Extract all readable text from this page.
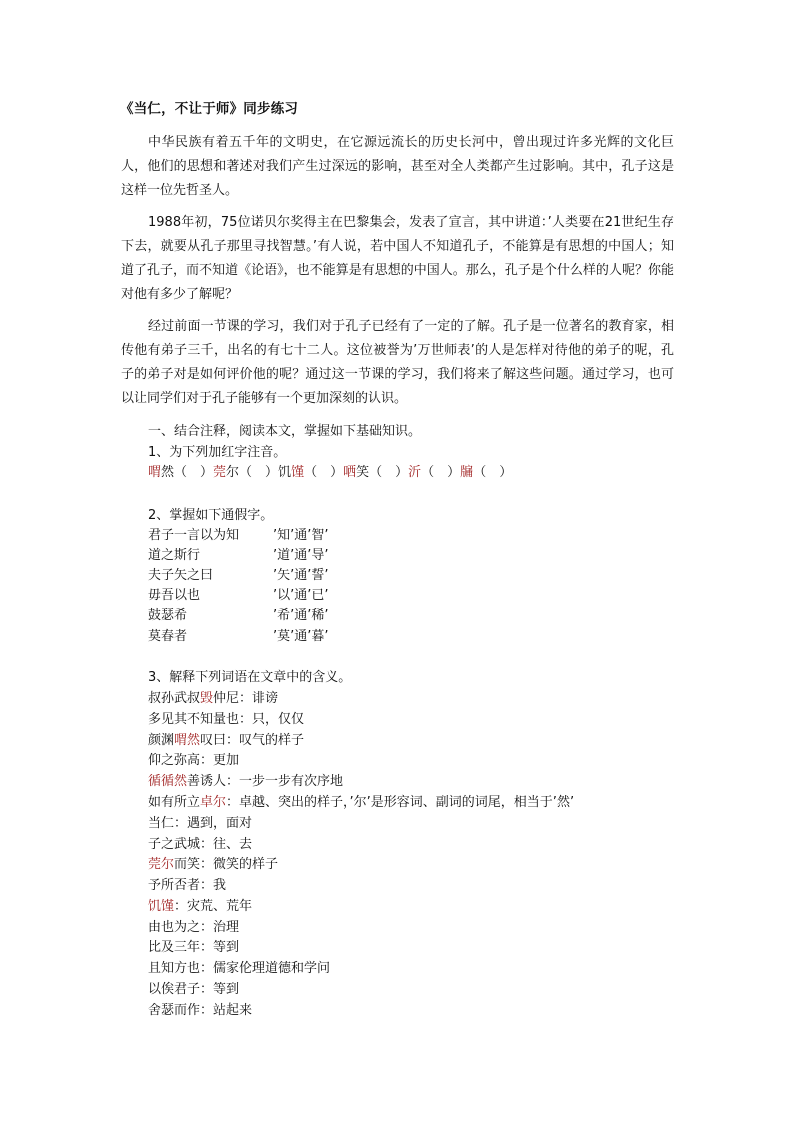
《当仁，不让于师》同步练习

中华民族有着五千年的文明史，在它源远流长的历史长河中，曾出现过许多光辉的文化巨人，他们的思想和著述对我们产生过深远的影响，甚至对全人类都产生过影响。其中，孔子这是这样一位先哲圣人。

1988年初，75位诺贝尔奖得主在巴黎集会，发表了宣言，其中讲道：’人类要在21世纪生存下去，就要从孔子那里寻找智慧。’有人说，若中国人不知道孔子，不能算是有思想的中国人；知道了孔子，而不知道《论语》，也不能算是有思想的中国人。那么，孔子是个什么样的人呢？你能对他有多少了解呢？

经过前面一节课的学习，我们对于孔子已经有了一定的了解。孔子是一位著名的教育家，相传他有弟子三千，出名的有七十二人。这位被誉为’万世师表’的人是怎样对待他的弟子的呢，孔子的弟子对是如何评价他的呢？通过这一节课的学习，我们将来了解这些问题。通过学习，也可以让同学们对于孔子能够有一个更加深刻的认识。

一、结合注释，阅读本文，掌握如下基础知识。
1、为下列加红字注音。
喟然（　）莞尔（　）饥馑（　）哂笑（　）沂（　）牖（　）
2、掌握如下通假字。
君子一言以为知	’知’通’智’
道之斯行	’道’通’导’
夫子矢之曰	’矢’通’誓’
毋吾以也	’以’通’已’
鼓瑟希	’希’通’稀’
莫春者	’莫’通’暮’
3、解释下列词语在文章中的含义。
叔孙武叔毁仲尼：诽谤
多见其不知量也：只，仅仅
颜渊喟然叹曰：叹气的样子
仰之弥高：更加
循循然善诱人：一步一步有次序地
如有所立卓尔：卓越、突出的样子，’尔’是形容词、副词的词尾，相当于’然’
当仁：遇到，面对
子之武城：往、去
莞尔而笑：微笑的样子
予所否者：我
饥馑：灾荒、荒年
由也为之：治理
比及三年：等到
且知方也：儒家伦理道德和学问
以俟君子：等到
舍瑟而作：站起来
